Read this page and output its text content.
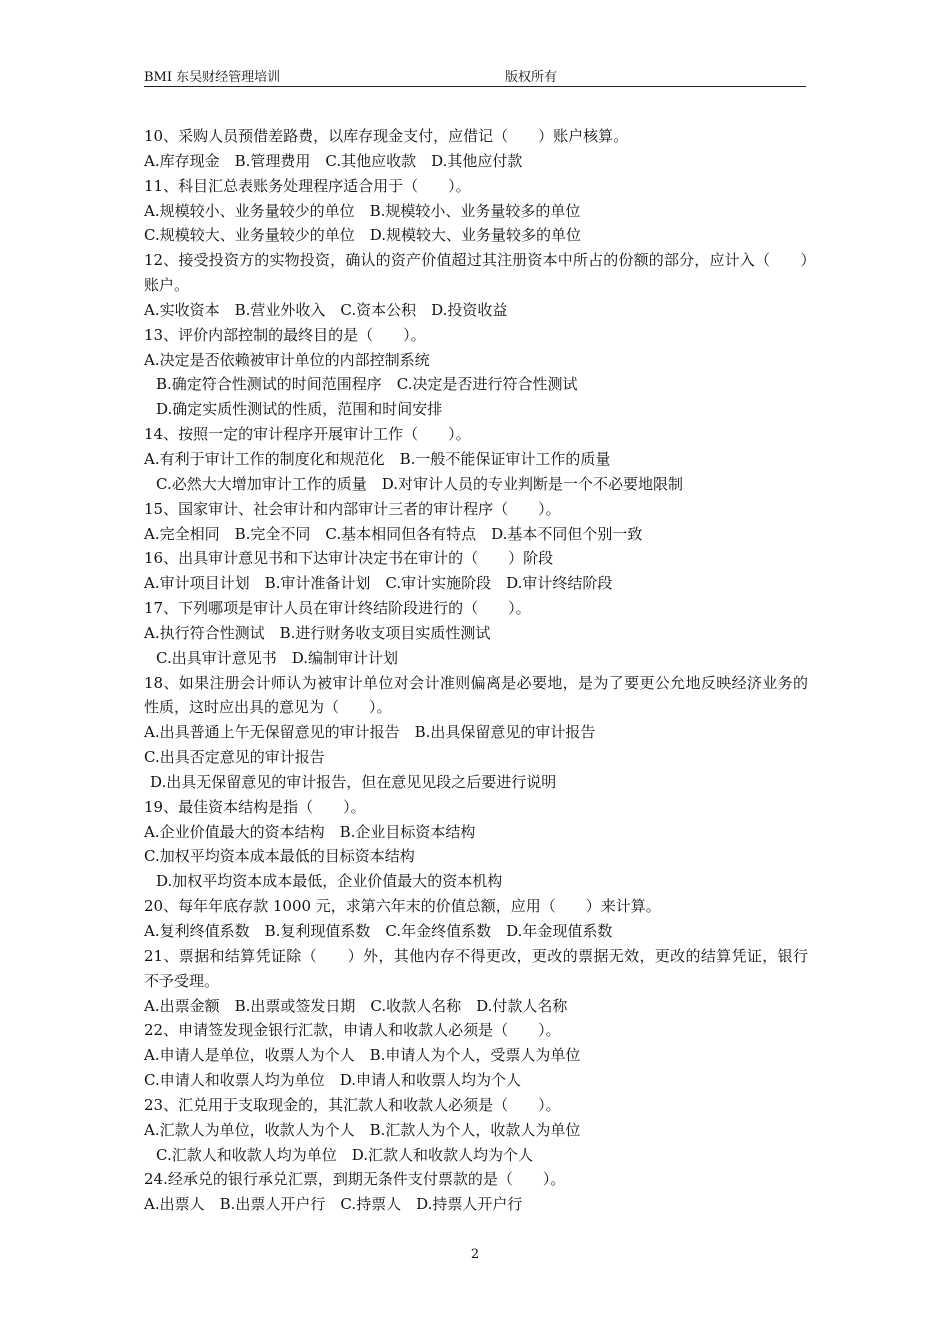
BMI 东吴财经管理培训	版权所有
10、采购人员预借差路费，以库存现金支付，应借记（　　）账户核算。
A.库存现金　B.管理费用　C.其他应收款　D.其他应付款
11、科目汇总表账务处理程序适合用于（　　）。
A.规模较小、业务量较少的单位　B.规模较小、业务量较多的单位
C.规模较大、业务量较少的单位　D.规模较大、业务量较多的单位
12、接受投资方的实物投资，确认的资产价值超过其注册资本中所占的份额的部分，应计入（　　）账户。
A.实收资本　B.营业外收入　C.资本公积　D.投资收益
13、评价内部控制的最终目的是（　　）。
A.决定是否依赖被审计单位的内部控制系统
B.确定符合性测试的时间范围程序　C.决定是否进行符合性测试
D.确定实质性测试的性质，范围和时间安排
14、按照一定的审计程序开展审计工作（　　）。
A.有利于审计工作的制度化和规范化　B.一般不能保证审计工作的质量
C.必然大大增加审计工作的质量　D.对审计人员的专业判断是一个不必要地限制
15、国家审计、社会审计和内部审计三者的审计程序（　　）。
A.完全相同　B.完全不同　C.基本相同但各有特点　D.基本不同但个别一致
16、出具审计意见书和下达审计决定书在审计的（　　）阶段
A.审计项目计划　B.审计准备计划　C.审计实施阶段　D.审计终结阶段
17、下列哪项是审计人员在审计终结阶段进行的（　　）。
A.执行符合性测试　B.进行财务收支项目实质性测试
C.出具审计意见书　D.编制审计计划
18、如果注册会计师认为被审计单位对会计准则偏离是必要地，是为了要更公允地反映经济业务的性质，这时应出具的意见为（　　）。
A.出具普通上午无保留意见的审计报告　B.出具保留意见的审计报告
C.出具否定意见的审计报告
D.出具无保留意见的审计报告，但在意见见段之后要进行说明
19、最佳资本结构是指（　　）。
A.企业价值最大的资本结构　B.企业目标资本结构
C.加权平均资本成本最低的目标资本结构
D.加权平均资本成本最低，企业价值最大的资本机构
20、每年年底存款 1000 元，求第六年末的价值总额，应用（　　）来计算。
A.复利终值系数　B.复利现值系数　C.年金终值系数　D.年金现值系数
21、票据和结算凭证除（　　）外，其他内存不得更改，更改的票据无效，更改的结算凭证，银行不予受理。
A.出票金额　B.出票或签发日期　C.收款人名称　D.付款人名称
22、申请签发现金银行汇款，申请人和收款人必须是（　　）。
A.申请人是单位，收票人为个人　B.申请人为个人，受票人为单位
C.申请人和收票人均为单位　D.申请人和收票人均为个人
23、汇兑用于支取现金的，其汇款人和收款人必须是（　　）。
A.汇款人为单位，收款人为个人　B.汇款人为个人，收款人为单位
C.汇款人和收款人均为单位　D.汇款人和收款人均为个人
24.经承兑的银行承兑汇票，到期无条件支付票款的是（　　）。
A.出票人　B.出票人开户行　C.持票人　D.持票人开户行
2
